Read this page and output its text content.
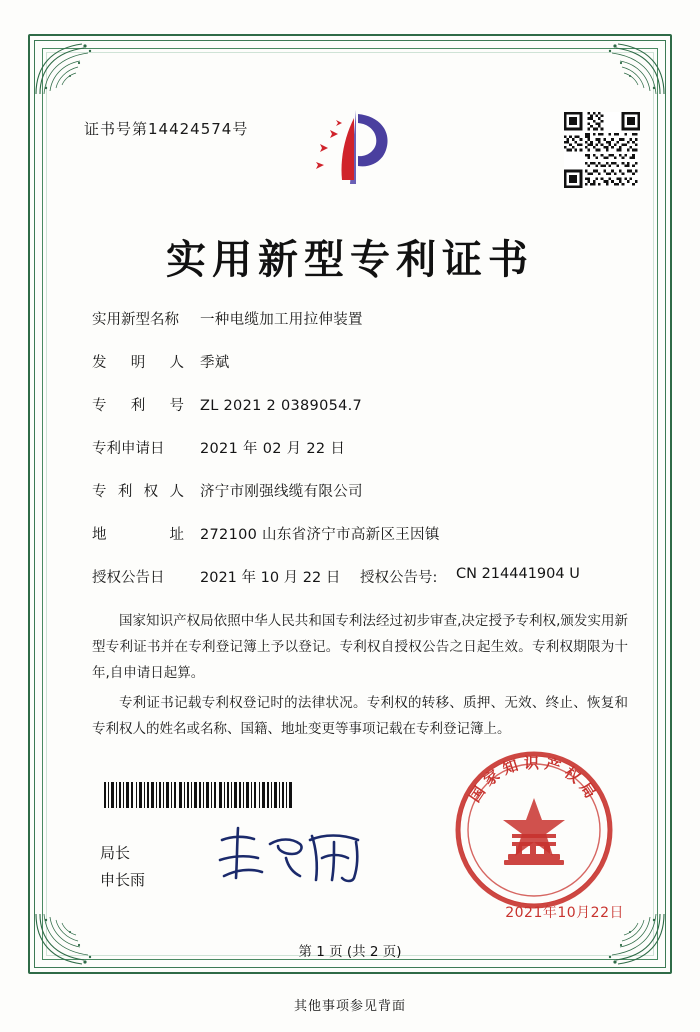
证书号第14424574号
实用新型专利证书
实用新型名称	一种电缆加工用拉伸装置
发 明 人 季斌
专 利 号 ZL 2021 2 0389054.7
专利申请日	2021 年 02 月 22 日
专 利 权 人 济宁市刚强线缆有限公司
地	址 272100 山东省济宁市高新区王因镇
授权公告日	2021 年 10 月 22 日 授权公告号:	CN 214441904 U

国家知识产权局依照中华人民共和国专利法经过初步审查,决定授予专利权,颁发实用新型专利证书并在专利登记簿上予以登记。专利权自授权公告之日起生效。专利权期限为十年,自申请日起算。

专利证书记载专利权登记时的法律状况。专利权的转移、质押、无效、终止、恢复和专利权人的姓名或名称、国籍、地址变更等事项记载在专利登记簿上。

局长
申长雨
国家知识产权局
2021年10月22日
第 1 页 (共 2 页)
其他事项参见背面
